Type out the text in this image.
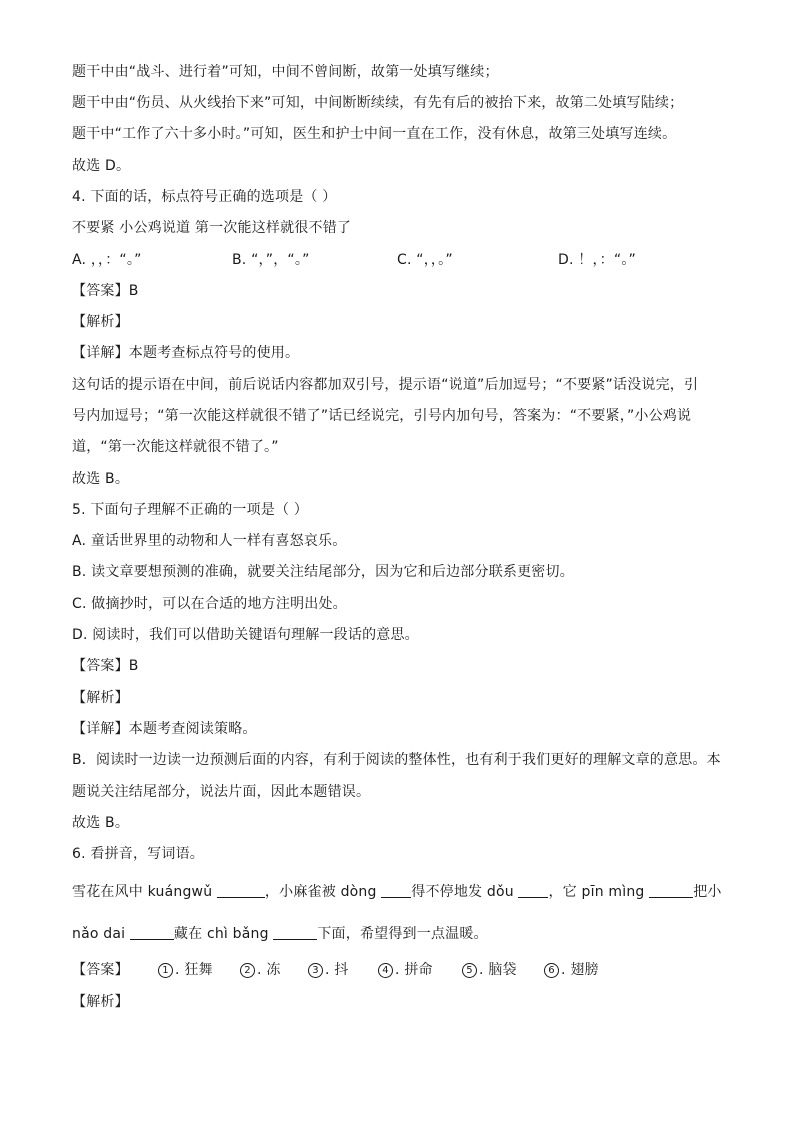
题干中由“战斗、进行着”可知，中间不曾间断，故第一处填写继续；
题干中由“伤员、从火线抬下来”可知，中间断断续续，有先有后的被抬下来，故第二处填写陆续；
题干中“工作了六十多小时。”可知，医生和护士中间一直在工作，没有休息，故第三处填写连续。
故选 D。
4. 下面的话，标点符号正确的选项是（ ）
不要紧 小公鸡说道 第一次能这样就很不错了
A. ，，：“。”	B. “，”，“。”	C. “，，。”	D. ！，：“。”
【答案】B
【解析】
【详解】本题考查标点符号的使用。
这句话的提示语在中间，前后说话内容都加双引号，提示语“说道”后加逗号；“不要紧”话没说完，引
号内加逗号；“第一次能这样就很不错了”话已经说完，引号内加句号，答案为：“不要紧，”小公鸡说
道，“第一次能这样就很不错了。”
故选 B。
5. 下面句子理解不正确的一项是（ ）
A. 童话世界里的动物和人一样有喜怒哀乐。
B. 读文章要想预测的准确，就要关注结尾部分，因为它和后边部分联系更密切。
C. 做摘抄时，可以在合适的地方注明出处。
D. 阅读时，我们可以借助关键语句理解一段话的意思。
【答案】B
【解析】
【详解】本题考查阅读策略。
B．阅读时一边读一边预测后面的内容，有利于阅读的整体性，也有利于我们更好的理解文章的意思。本
题说关注结尾部分，说法片面，因此本题错误。
故选 B。
6. 看拼音，写词语。
雪花在风中 kuángwǔ	，小麻雀被 dòng 得不停地发 dǒu ，它 pīn mìng	把小
nǎo dai	藏在 chì bǎng	下面，希望得到一点温暖。
【答案】	1 . 狂舞	2 . 冻	3 . 抖	4 . 拼命	5 . 脑袋	6 . 翅膀
【解析】
